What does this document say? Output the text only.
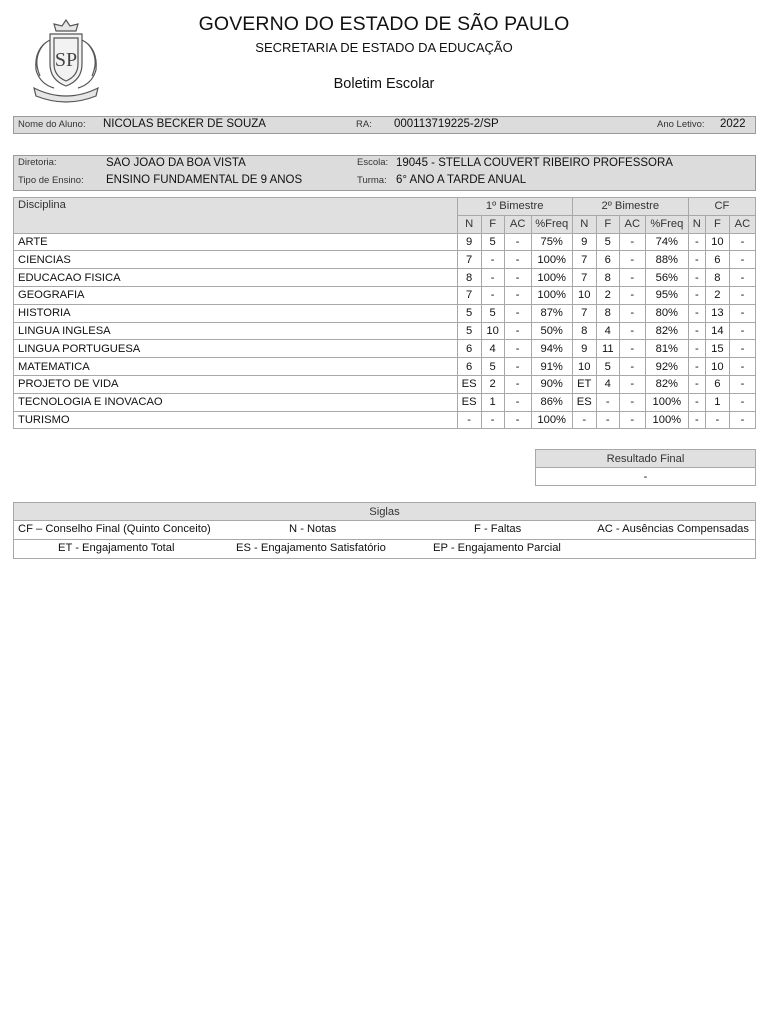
SP
GOVERNO DO ESTADO DE SÃO PAULO
SECRETARIA DE ESTADO DA EDUCAÇÃO
Boletim Escolar
Nome do Aluno: NICOLAS BECKER DE SOUZA	RA: 000113719225-2/SP	Ano Letivo: 2022
Diretoria:	SAO JOAO DA BOA VISTA
Tipo de Ensino: ENSINO FUNDAMENTAL DE 9 ANOS
Escola: 19045 - STELLA COUVERT RIBEIRO PROFESSORA
Turma: 6° ANO A TARDE ANUAL
Disciplina	1º Bimestre				2º Bimestre				CF		
	N	F	AC	%Freq	N	F	AC	%Freq	N	F	AC
ARTE	9	5	-	75%	9	5	-	74%	-	10	-
CIENCIAS	7	-	-	100%	7	6	-	88%	-	6	-
EDUCACAO FISICA	8	-	-	100%	7	8	-	56%	-	8	-
GEOGRAFIA	7	-	-	100%	10	2	-	95%	-	2	-
HISTORIA	5	5	-	87%	7	8	-	80%	-	13	-
LINGUA INGLESA	5	10	-	50%	8	4	-	82%	-	14	-
LINGUA PORTUGUESA	6	4	-	94%	9	11	-	81%	-	15	-
MATEMATICA	6	5	-	91%	10	5	-	92%	-	10	-
PROJETO DE VIDA	ES	2	-	90%	ET	4	-	82%	-	6	-
TECNOLOGIA E INOVACAO	ES	1	-	86%	ES	-	-	100%	-	1	-
TURISMO	-	-	-	100%	-	-	-	100%	-	-	-
Resultado Final
-
Siglas

CF – Conselho Final (Quinto Conceito)	N - Notas	F - Faltas	AC - Ausências Compensadas

ET - Engajamento Total	ES - Engajamento Satisfatório	EP - Engajamento Parcial
